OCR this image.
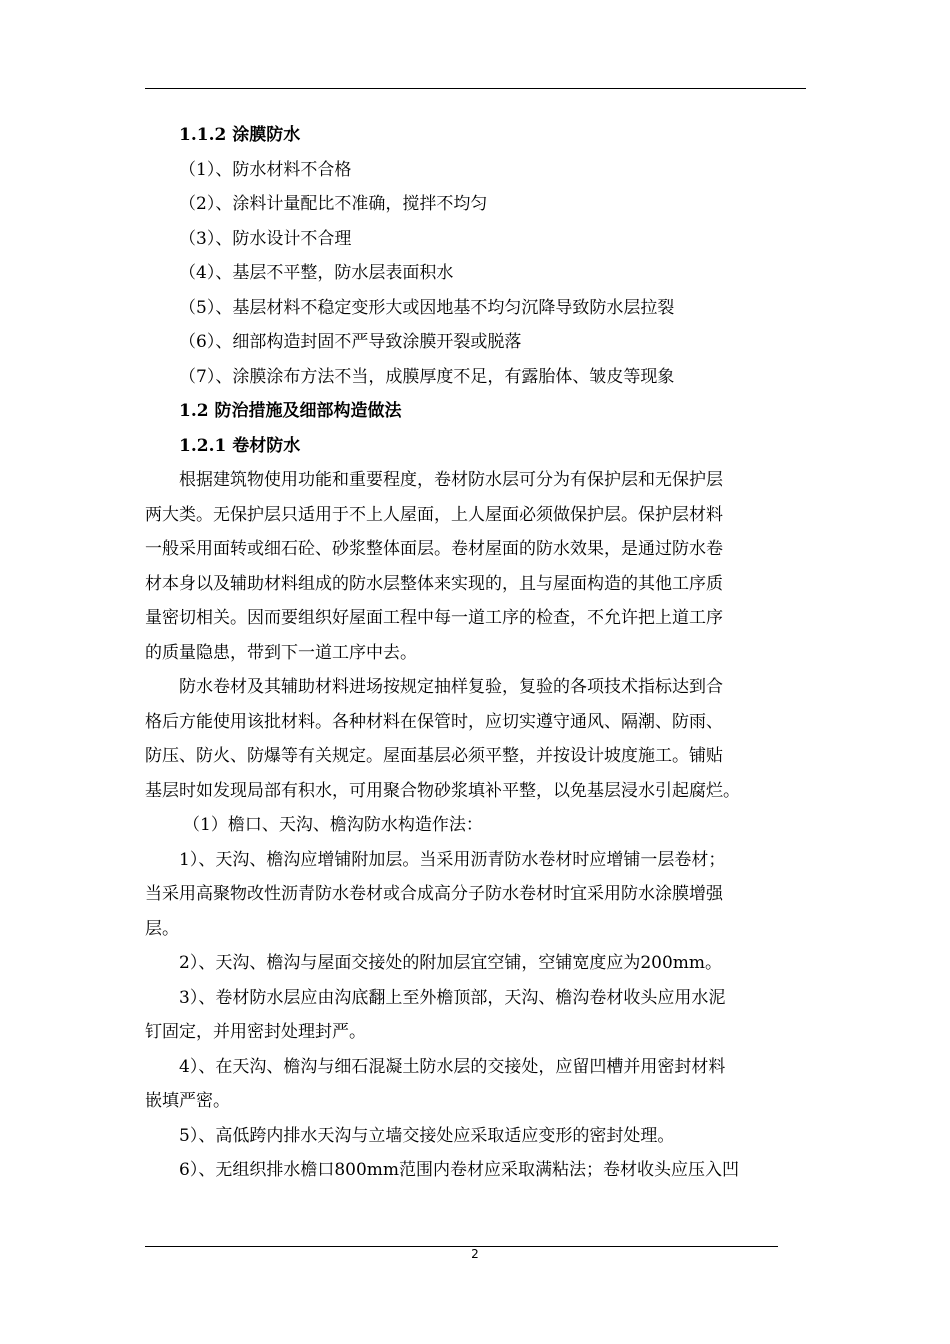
1.1.2 涂膜防水
（1）、防水材料不合格
（2）、涂料计量配比不准确，搅拌不均匀
（3）、防水设计不合理
（4）、基层不平整，防水层表面积水
（5）、基层材料不稳定变形大或因地基不均匀沉降导致防水层拉裂
（6）、细部构造封固不严导致涂膜开裂或脱落
（7）、涂膜涂布方法不当，成膜厚度不足，有露胎体、皱皮等现象
1.2 防治措施及细部构造做法
1.2.1 卷材防水
根据建筑物使用功能和重要程度，卷材防水层可分为有保护层和无保护层
两大类。无保护层只适用于不上人屋面，上人屋面必须做保护层。保护层材料
一般采用面转或细石砼、砂浆整体面层。卷材屋面的防水效果，是通过防水卷
材本身以及辅助材料组成的防水层整体来实现的，且与屋面构造的其他工序质
量密切相关。因而要组织好屋面工程中每一道工序的检查，不允许把上道工序
的质量隐患，带到下一道工序中去。
防水卷材及其辅助材料进场按规定抽样复验，复验的各项技术指标达到合
格后方能使用该批材料。各种材料在保管时，应切实遵守通风、隔潮、防雨、
防压、防火、防爆等有关规定。屋面基层必须平整，并按设计坡度施工。铺贴
基层时如发现局部有积水，可用聚合物砂浆填补平整，以免基层浸水引起腐烂。
（1）檐口、天沟、檐沟防水构造作法：
1）、天沟、檐沟应增铺附加层。当采用沥青防水卷材时应增铺一层卷材；
当采用高聚物改性沥青防水卷材或合成高分子防水卷材时宜采用防水涂膜增强
层。
2）、天沟、檐沟与屋面交接处的附加层宜空铺，空铺宽度应为200mm。
3）、卷材防水层应由沟底翻上至外檐顶部，天沟、檐沟卷材收头应用水泥
钉固定，并用密封处理封严。
4）、在天沟、檐沟与细石混凝土防水层的交接处，应留凹槽并用密封材料
嵌填严密。
5）、高低跨内排水天沟与立墙交接处应采取适应变形的密封处理。
6）、无组织排水檐口800mm范围内卷材应采取满粘法；卷材收头应压入凹
2
